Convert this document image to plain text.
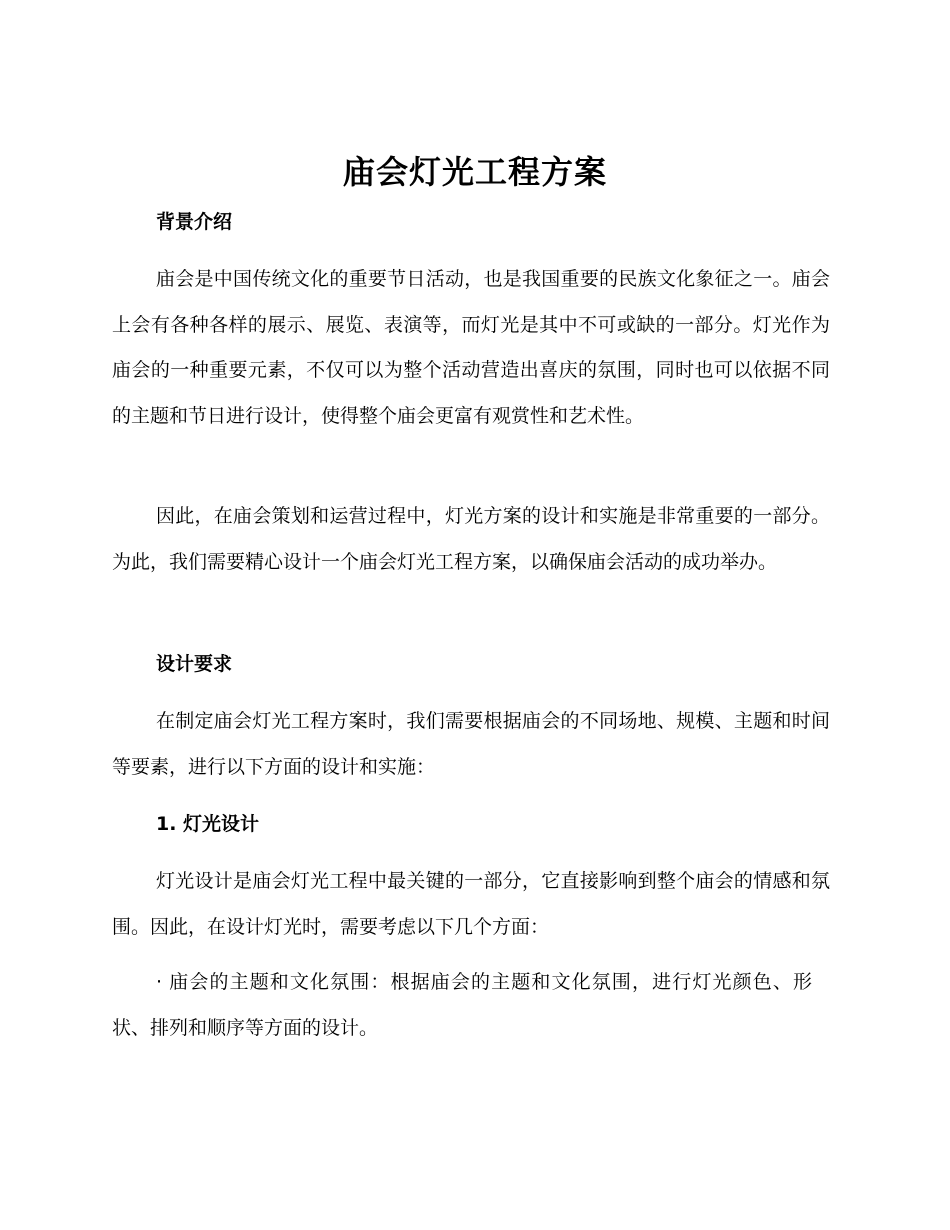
庙会灯光工程方案
背景介绍
庙会是中国传统文化的重要节日活动，也是我国重要的民族文化象征之一。庙会上会有各种各样的展示、展览、表演等，而灯光是其中不可或缺的一部分。灯光作为庙会的一种重要元素，不仅可以为整个活动营造出喜庆的氛围，同时也可以依据不同的主题和节日进行设计，使得整个庙会更富有观赏性和艺术性。
因此，在庙会策划和运营过程中，灯光方案的设计和实施是非常重要的一部分。为此，我们需要精心设计一个庙会灯光工程方案，以确保庙会活动的成功举办。
设计要求
在制定庙会灯光工程方案时，我们需要根据庙会的不同场地、规模、主题和时间等要素，进行以下方面的设计和实施：
1. 灯光设计
灯光设计是庙会灯光工程中最关键的一部分，它直接影响到整个庙会的情感和氛围。因此，在设计灯光时，需要考虑以下几个方面：
· 庙会的主题和文化氛围：根据庙会的主题和文化氛围，进行灯光颜色、形状、排列和顺序等方面的设计。
